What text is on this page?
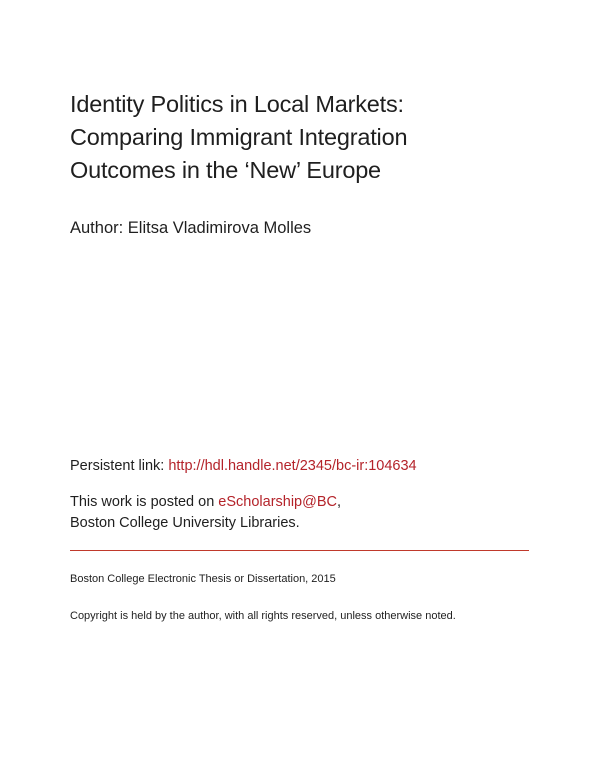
Identity Politics in Local Markets:
Comparing Immigrant Integration
Outcomes in the ‘New’ Europe
Author: Elitsa Vladimirova Molles
Persistent link: http://hdl.handle.net/2345/bc-ir:104634
This work is posted on eScholarship@BC,
Boston College University Libraries.
Boston College Electronic Thesis or Dissertation, 2015
Copyright is held by the author, with all rights reserved, unless otherwise noted.
